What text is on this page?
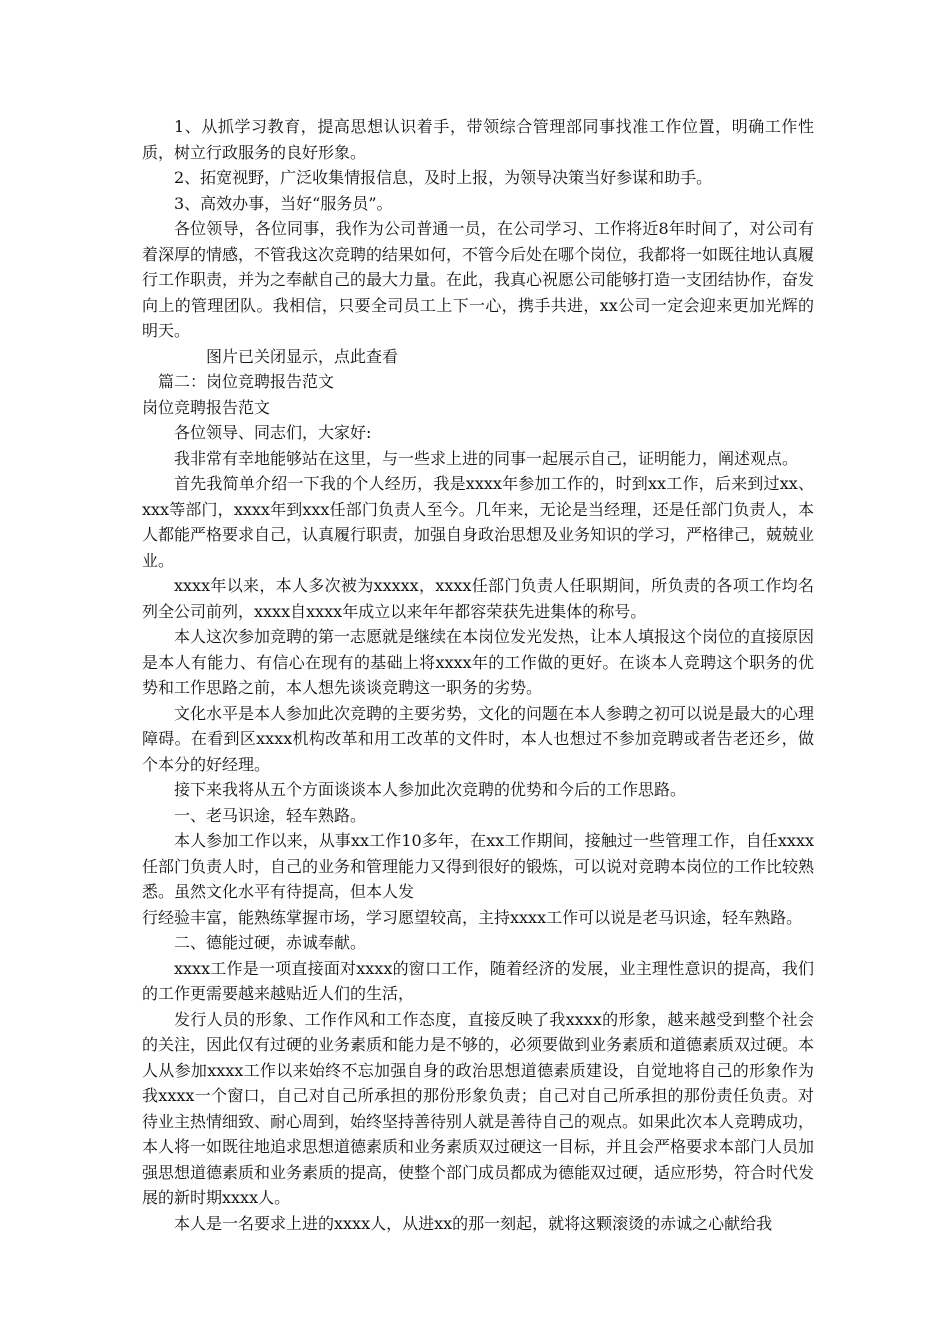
1、从抓学习教育，提高思想认识着手，带领综合管理部同事找准工作位置，明确工作性质，树立行政服务的良好形象。

2、拓宽视野，广泛收集情报信息，及时上报，为领导决策当好参谋和助手。

3、高效办事，当好“服务员”。

各位领导，各位同事，我作为公司普通一员，在公司学习、工作将近8年时间了，对公司有着深厚的情感，不管我这次竞聘的结果如何，不管今后处在哪个岗位，我都将一如既往地认真履行工作职责，并为之奉献自己的最大力量。在此，我真心祝愿公司能够打造一支团结协作，奋发向上的管理团队。我相信，只要全司员工上下一心，携手共进，xx公司一定会迎来更加光辉的明天。

图片已关闭显示，点此查看

篇二：岗位竞聘报告范文

岗位竞聘报告范文

各位领导、同志们，大家好:

我非常有幸地能够站在这里，与一些求上进的同事一起展示自己，证明能力，阐述观点。

首先我简单介绍一下我的个人经历，我是xxxx年参加工作的，时到xx工作，后来到过xx、xxx等部门，xxxx年到xxx任部门负责人至今。几年来，无论是当经理，还是任部门负责人，本人都能严格要求自己，认真履行职责，加强自身政治思想及业务知识的学习，严格律己，兢兢业业。

xxxx年以来，本人多次被为xxxxx，xxxx任部门负责人任职期间，所负责的各项工作均名列全公司前列，xxxx自xxxx年成立以来年年都容荣获先进集体的称号。

本人这次参加竞聘的第一志愿就是继续在本岗位发光发热，让本人填报这个岗位的直接原因是本人有能力、有信心在现有的基础上将xxxx年的工作做的更好。在谈本人竞聘这个职务的优势和工作思路之前，本人想先谈谈竞聘这一职务的劣势。

文化水平是本人参加此次竞聘的主要劣势，文化的问题在本人参聘之初可以说是最大的心理障碍。在看到区xxxx机构改革和用工改革的文件时，本人也想过不参加竞聘或者告老还乡，做个本分的好经理。

接下来我将从五个方面谈谈本人参加此次竞聘的优势和今后的工作思路。

一、老马识途，轻车熟路。

本人参加工作以来，从事xx工作10多年，在xx工作期间，接触过一些管理工作，自任xxxx任部门负责人时，自己的业务和管理能力又得到很好的锻炼，可以说对竞聘本岗位的工作比较熟悉。虽然文化水平有待提高，但本人发

行经验丰富，能熟练掌握市场，学习愿望较高，主持xxxx工作可以说是老马识途，轻车熟路。

二、德能过硬，赤诚奉献。

xxxx工作是一项直接面对xxxx的窗口工作，随着经济的发展，业主理性意识的提高，我们的工作更需要越来越贴近人们的生活，

发行人员的形象、工作作风和工作态度，直接反映了我xxxx的形象，越来越受到整个社会的关注，因此仅有过硬的业务素质和能力是不够的，必须要做到业务素质和道德素质双过硬。本人从参加xxxx工作以来始终不忘加强自身的政治思想道德素质建设，自觉地将自己的形象作为我xxxx一个窗口，自己对自己所承担的那份形象负责；自己对自己所承担的那份责任负责。对待业主热情细致、耐心周到，始终坚持善待别人就是善待自己的观点。如果此次本人竞聘成功，本人将一如既往地追求思想道德素质和业务素质双过硬这一目标，并且会严格要求本部门人员加强思想道德素质和业务素质的提高，使整个部门成员都成为德能双过硬，适应形势，符合时代发展的新时期xxxx人。

本人是一名要求上进的xxxx人，从进xx的那一刻起，就将这颗滚烫的赤诚之心献给我
